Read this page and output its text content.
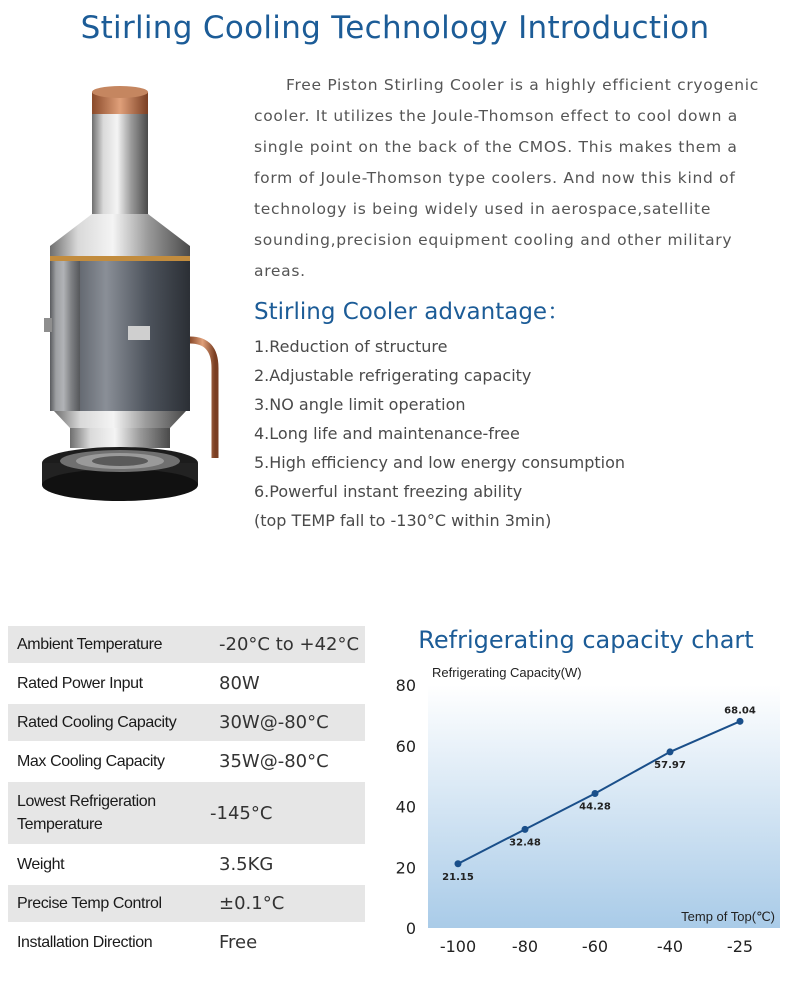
Stirling Cooling Technology Introduction
Free Piston Stirling Cooler is a highly efficient cryogenic
cooler. It utilizes the Joule-Thomson effect to cool down a
single point on the back of the CMOS. This makes them a
form of Joule-Thomson type coolers. And now this kind of
technology is being widely used in aerospace,satellite
sounding,precision equipment cooling and other military
areas.
Stirling Cooler advantage：
1.Reduction of structure
2.Adjustable refrigerating capacity
3.NO angle limit operation
4.Long life and maintenance-free
5.High efficiency and low energy consumption
6.Powerful instant freezing ability
(top TEMP fall to -130°C within 3min)
Ambient Temperature	-20°C to +42°C
Rated Power Input	80W
Rated Cooling Capacity	30W@-80°C
Max Cooling Capacity	35W@-80°C
Lowest Refrigeration Temperature
-145°C
Weight	3.5KG
Precise Temp Control	±0.1°C
Installation Direction	Free
Refrigerating capacity chart
Refrigerating Capacity(W)
Temp of Top(℃)
0
20
40
60
80
-100 -80	-60	-40	-25
21.15
32.48
44.28
57.97
68.04
